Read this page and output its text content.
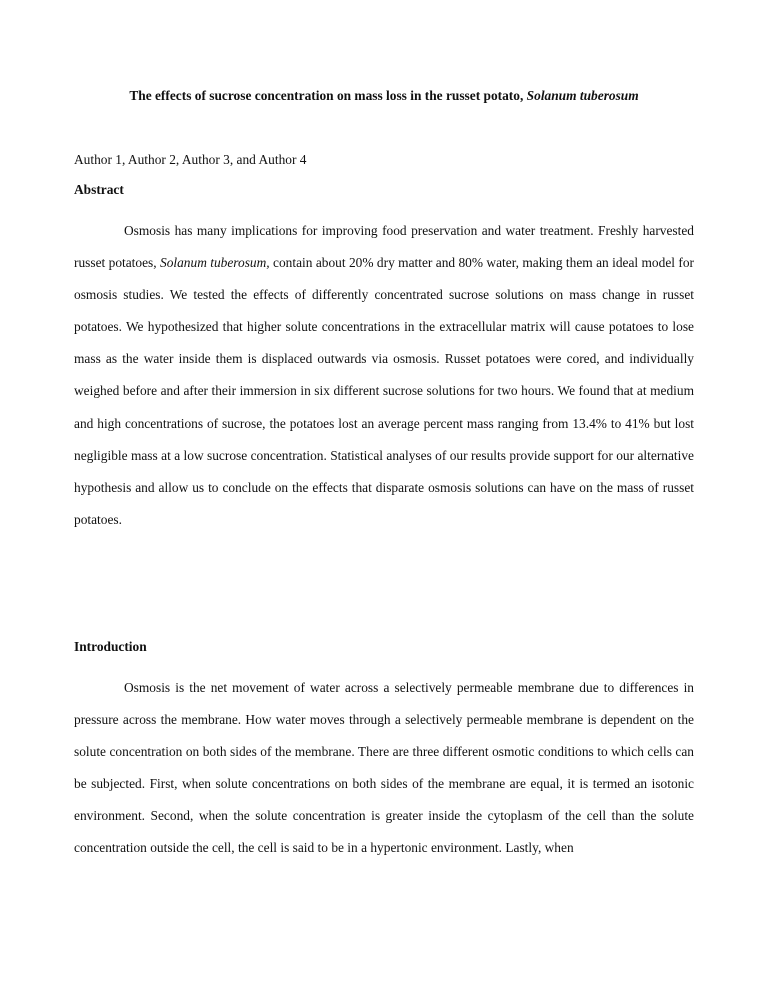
The effects of sucrose concentration on mass loss in the russet potato, Solanum tuberosum

Author 1, Author 2, Author 3, and Author 4

Abstract

Osmosis has many implications for improving food preservation and water treatment. Freshly harvested russet potatoes, Solanum tuberosum, contain about 20% dry matter and 80% water, making them an ideal model for osmosis studies. We tested the effects of differently concentrated sucrose solutions on mass change in russet potatoes. We hypothesized that higher solute concentrations in the extracellular matrix will cause potatoes to lose mass as the water inside them is displaced outwards via osmosis. Russet potatoes were cored, and individually weighed before and after their immersion in six different sucrose solutions for two hours. We found that at medium and high concentrations of sucrose, the potatoes lost an average percent mass ranging from 13.4% to 41% but lost negligible mass at a low sucrose concentration. Statistical analyses of our results provide support for our alternative hypothesis and allow us to conclude on the effects that disparate osmosis solutions can have on the mass of russet potatoes.

Introduction

Osmosis is the net movement of water across a selectively permeable membrane due to differences in pressure across the membrane. How water moves through a selectively permeable membrane is dependent on the solute concentration on both sides of the membrane. There are three different osmotic conditions to which cells can be subjected. First, when solute concentrations on both sides of the membrane are equal, it is termed an isotonic environment. Second, when the solute concentration is greater inside the cytoplasm of the cell than the solute concentration outside the cell, the cell is said to be in a hypertonic environment. Lastly, when
